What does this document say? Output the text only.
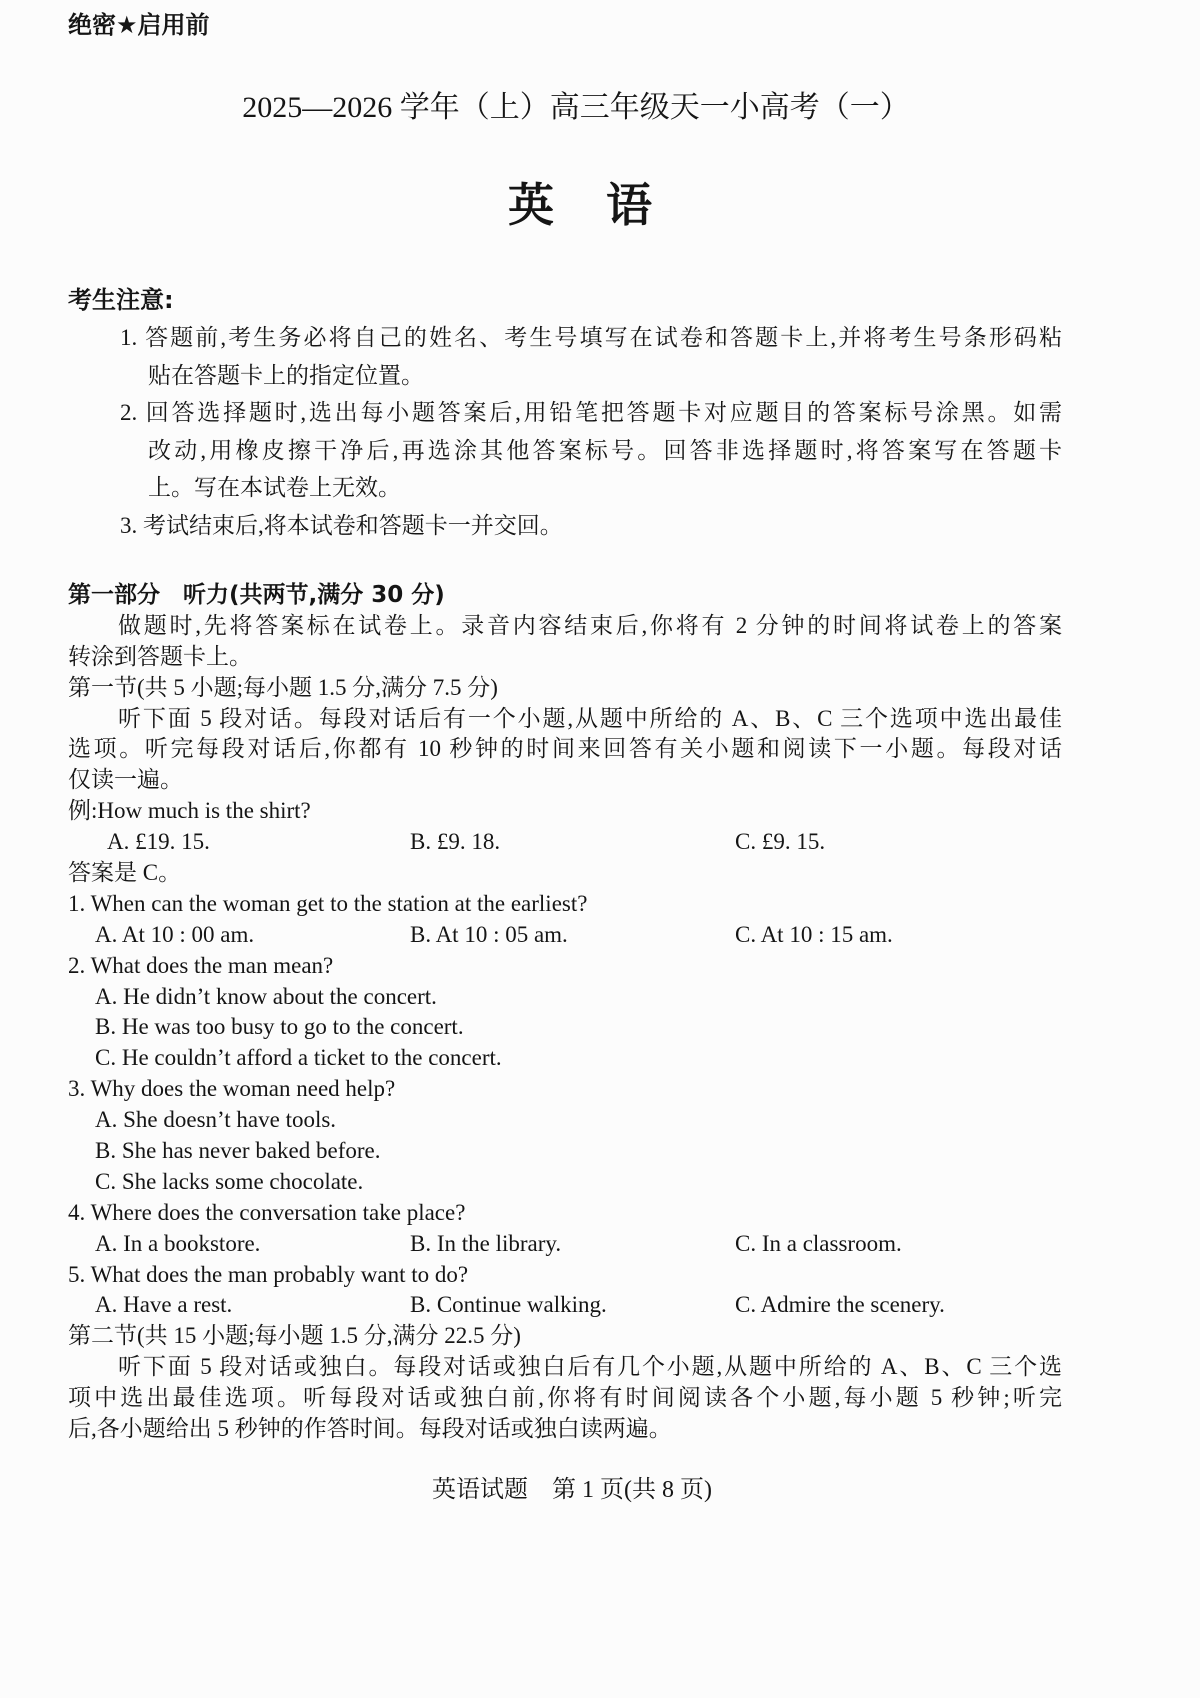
绝密★启用前
2025—2026 学年（上）高三年级天一小高考（一）
英语
考生注意:
1. 答题前,考生务必将自己的姓名、考生号填写在试卷和答题卡上,并将考生号条形码粘
贴在答题卡上的指定位置。
2. 回答选择题时,选出每小题答案后,用铅笔把答题卡对应题目的答案标号涂黑。如需
改动,用橡皮擦干净后,再选涂其他答案标号。回答非选择题时,将答案写在答题卡
上。写在本试卷上无效。
3. 考试结束后,将本试卷和答题卡一并交回。
第一部分　听力(共两节,满分 30 分)
做题时,先将答案标在试卷上。录音内容结束后,你将有 2 分钟的时间将试卷上的答案
转涂到答题卡上。
第一节(共 5 小题;每小题 1.5 分,满分 7.5 分)
听下面 5 段对话。每段对话后有一个小题,从题中所给的 A、B、C 三个选项中选出最佳
选项。听完每段对话后,你都有 10 秒钟的时间来回答有关小题和阅读下一小题。每段对话
仅读一遍。
例:How much is the shirt?
A. £19. 15.	B. £9. 18.	C. £9. 15.
答案是 C。
1. When can the woman get to the station at the earliest?
A. At 10 : 00 am.	B. At 10 : 05 am.	C. At 10 : 15 am.
2. What does the man mean?
A. He didn’t know about the concert.
B. He was too busy to go to the concert.
C. He couldn’t afford a ticket to the concert.
3. Why does the woman need help?
A. She doesn’t have tools.
B. She has never baked before.
C. She lacks some chocolate.
4. Where does the conversation take place?
A. In a bookstore.	B. In the library.	C. In a classroom.
5. What does the man probably want to do?
A. Have a rest.	B. Continue walking.	C. Admire the scenery.
第二节(共 15 小题;每小题 1.5 分,满分 22.5 分)
听下面 5 段对话或独白。每段对话或独白后有几个小题,从题中所给的 A、B、C 三个选
项中选出最佳选项。听每段对话或独白前,你将有时间阅读各个小题,每小题 5 秒钟;听完
后,各小题给出 5 秒钟的作答时间。每段对话或独白读两遍。
英语试题　第 1 页(共 8 页)
